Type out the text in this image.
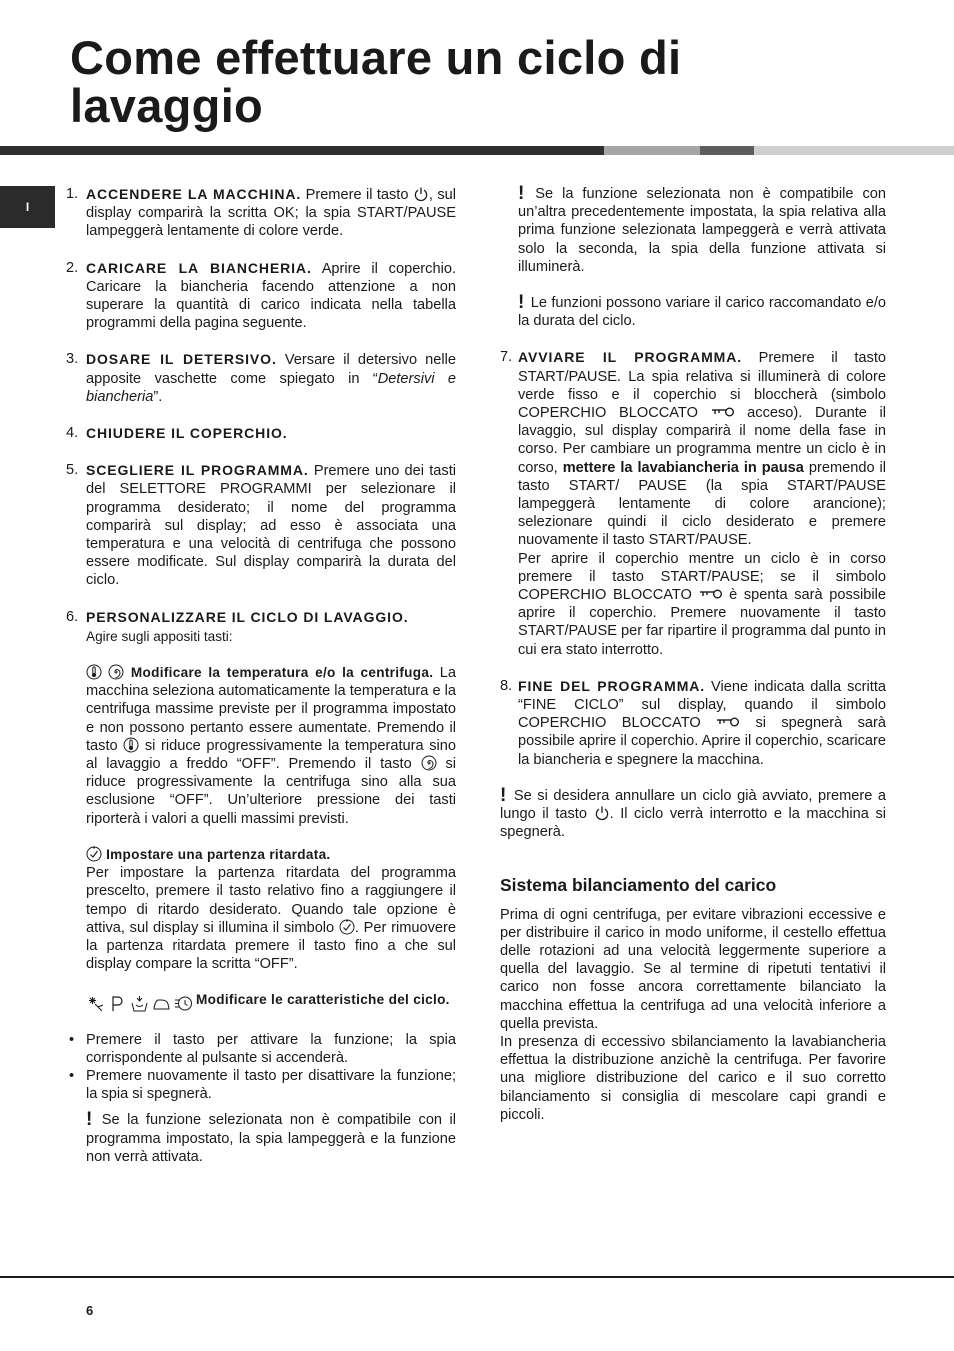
Come effettuare un ciclo di lavaggio
I
1. ACCENDERE LA MACCHINA. Premere il tasto
, sul display comparirà la scritta OK; la spia START/PAUSE lampeggerà lentamente di colore verde.

2. CARICARE LA BIANCHERIA. Aprire il coperchio. Caricare la biancheria facendo attenzione a non superare la quantità di carico indicata nella tabella programmi della pagina seguente.

3. DOSARE IL DETERSIVO. Versare il detersivo nelle apposite vaschette come spiegato in “Detersivi e biancheria”.

4. CHIUDERE IL COPERCHIO.

5. SCEGLIERE IL PROGRAMMA. Premere uno dei tasti del SELETTORE PROGRAMMI per selezionare il programma desiderato; il nome del programma comparirà sul display; ad esso è associata una temperatura e una velocità di centrifuga che possono essere modificate. Sul display comparirà la durata del ciclo.

6. PERSONALIZZARE IL CICLO DI LAVAGGIO.

Agire sugli appositi tasti:

Modificare la temperatura e/o la centrifuga. La macchina seleziona automaticamente la temperatura e la centrifuga massime previste per il programma impostato e non possono pertanto essere aumentate. Premendo il tasto
si riduce progressivamente la temperatura sino al lavaggio a freddo “OFF”. Premendo il tasto
si riduce progressivamente la centrifuga sino alla sua esclusione “OFF”. Un’ulteriore pressione dei tasti riporterà i valori a quelli massimi previsti.

Impostare una partenza ritardata.

Per impostare la partenza ritardata del programma prescelto, premere il tasto relativo fino a raggiungere il tempo di ritardo desiderato. Quando tale opzione è attiva, sul display si illumina il simbolo
. Per rimuovere la partenza ritardata premere il tasto fino a che sul display compare la scritta “OFF”.

Modificare le caratteristiche del ciclo.

• Premere il tasto per attivare la funzione; la spia corrispondente al pulsante si accenderà.
• Premere nuovamente il tasto per disattivare la funzione; la spia si spegnerà.

! Se la funzione selezionata non è compatibile con il programma impostato, la spia lampeggerà e la funzione non verrà attivata.

! Se la funzione selezionata non è compatibile con un’altra precedentemente impostata, la spia relativa alla prima funzione selezionata lampeggerà e verrà attivata solo la seconda, la spia della funzione attivata si illuminerà.

! Le funzioni possono variare il carico raccomandato e/o la durata del ciclo.

7. AVVIARE IL PROGRAMMA. Premere il tasto START/PAUSE. La spia relativa si illuminerà di colore verde fisso e il coperchio si bloccherà (simbolo COPERCHIO BLOCCATO
acceso). Durante il lavaggio, sul display comparirà il nome della fase in corso. Per cambiare un programma mentre un ciclo è in corso, mettere la lavabiancheria in pausa premendo il tasto START/ PAUSE (la spia START/PAUSE lampeggerà lentamente di colore arancione); selezionare quindi il ciclo desiderato e premere nuovamente il tasto START/PAUSE.

Per aprire il coperchio mentre un ciclo è in corso premere il tasto START/PAUSE; se il simbolo COPERCHIO BLOCCATO
è spenta sarà possibile aprire il coperchio. Premere nuovamente il tasto START/PAUSE per far ripartire il programma dal punto in cui era stato interrotto.

8. FINE DEL PROGRAMMA. Viene indicata dalla scritta “FINE CICLO” sul display, quando il simbolo COPERCHIO BLOCCATO
si spegnerà sarà possibile aprire il coperchio. Aprire il coperchio, scaricare la biancheria e spegnere la macchina.

! Se si desidera annullare un ciclo già avviato, premere a lungo il tasto
. Il ciclo verrà interrotto e la macchina si spegnerà.

Sistema bilanciamento del carico

Prima di ogni centrifuga, per evitare vibrazioni eccessive e per distribuire il carico in modo uniforme, il cestello effettua delle rotazioni ad una velocità leggermente superiore a quella del lavaggio. Se al termine di ripetuti tentativi il carico non fosse ancora correttamente bilanciato la macchina effettua la centrifuga ad una velocità inferiore a quella prevista.

In presenza di eccessivo sbilanciamento la lavabiancheria effettua la distribuzione anzichè la centrifuga. Per favorire una migliore distribuzione del carico e il suo corretto bilanciamento si consiglia di mescolare capi grandi e piccoli.

6
